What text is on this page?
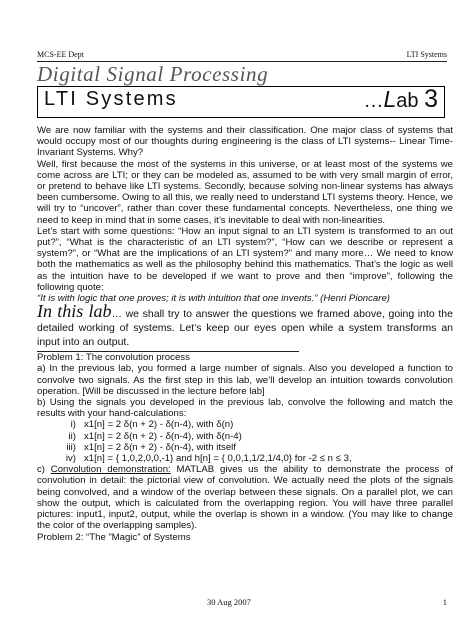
MCS-EE Dept	LTI Systems
Digital Signal Processing
LTI Systems	…Lab 3

We are now familiar with the systems and their classification. One major class of systems that would occupy most of our thoughts during engineering is the class of LTI systems-- Linear Time-Invariant Systems. Why?

Well, first because the most of the systems in this universe, or at least most of the systems we come across are LTI; or they can be modeled as, assumed to be with very small margin of error, or pretend to behave like LTI systems. Secondly, because solving non-linear systems has always been cumbersome. Owing to all this, we really need to understand LTI systems theory. Hence, we will try to “uncover”, rather than cover these fundamental concepts. Nevertheless, one thing we need to keep in mind that in some cases, it’s inevitable to deal with non-linearities.

Let’s start with some questions: “How an input signal to an LTI system is transformed to an out put?”, “What is the characteristic of an LTI system?”, “How can we describe or represent a system?”, or “What are the implications of an LTI system?” and many more… We need to know both the mathematics as well as the philosophy behind this mathematics. That’s the logic as well as the intuition have to be developed if we want to prove and then “improve”, following the following quote:

“It is with logic that one proves; it is with intuition that one invents.” (Henri Pioncare)

In this lab… we shall try to answer the questions we framed above, going into the detailed working of systems. Let’s keep our eyes open while a system transforms an input into an output.

Problem 1: The convolution process

a) In the previous lab, you formed a large number of signals. Also you developed a function to convolve two signals. As the first step in this lab, we’ll develop an intuition towards convolution operation. [Will be discussed in the lecture before lab]

b) Using the signals you developed in the previous lab, convolve the following and match the results with your hand-calculations:

i) x1[n] = 2 δ(n + 2) - δ(n-4), with δ(n)
ii) x1[n] = 2 δ(n + 2) - δ(n-4), with δ(n-4)
iii) x1[n] = 2 δ(n + 2) - δ(n-4), with itself
iv) x1[n] = { 1,0,2,0,0,-1} and h[n] = { 0,0,1,1/2,1/4,0} for -2 ≤ n ≤ 3,

c) Convolution demonstration: MATLAB gives us the ability to demonstrate the process of convolution in detail: the pictorial view of convolution. We actually need the plots of the signals being convolved, and a window of the overlap between these signals. On a parallel plot, we can show the output, which is calculated from the overlapping region. You will have three parallel pictures: input1, input2, output, while the overlap is shown in a window. (You may like to change the color of the overlapping samples).

Problem 2: “The ”Magic” of Systems

30 Aug 2007	1
